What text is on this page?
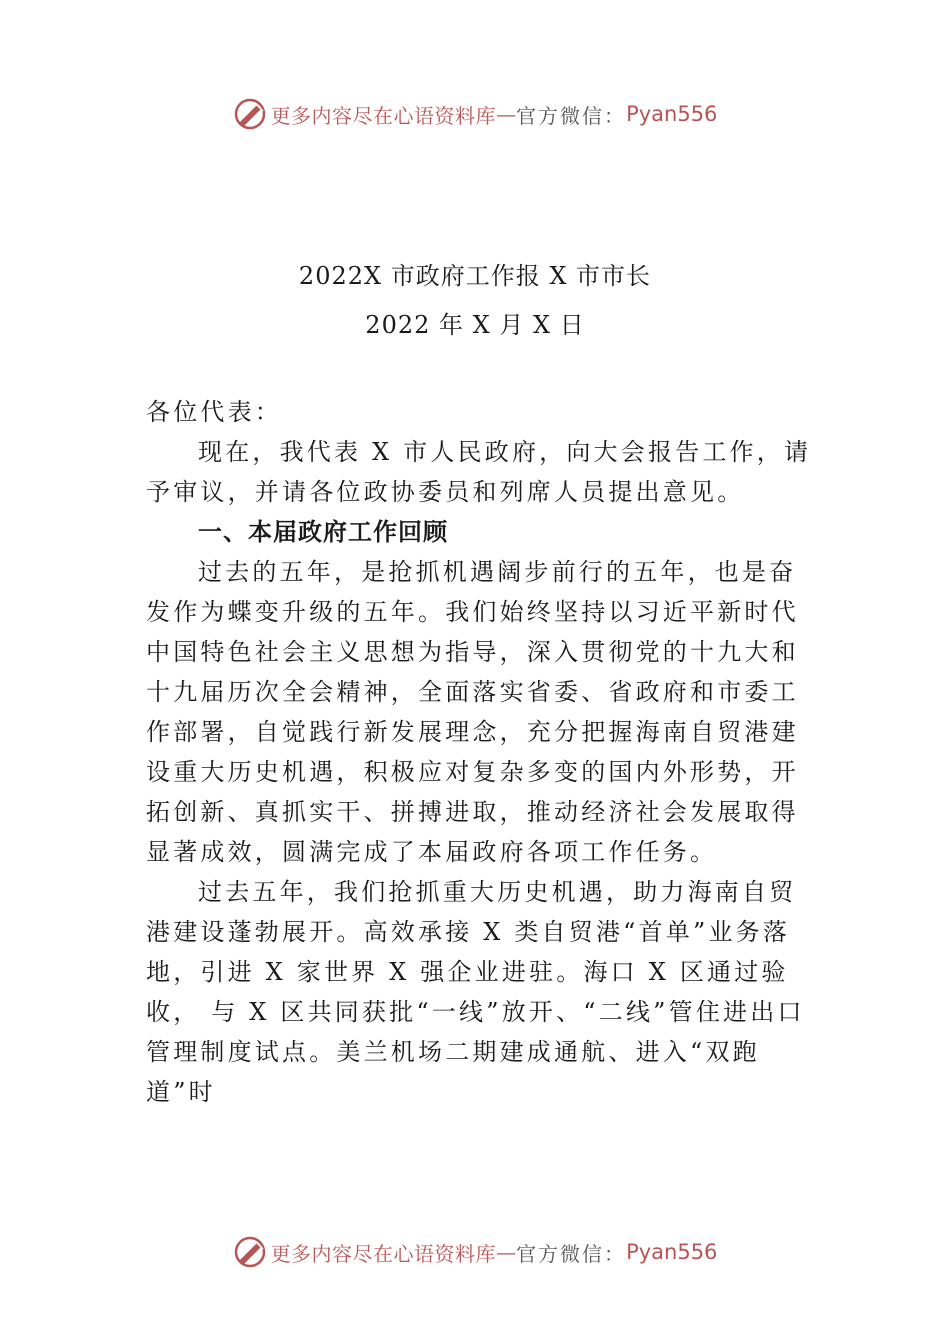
更多内容尽在心语资料库 — 官方微信： Pyan556
2022X 市政府工作报 X 市市长
2022 年 X 月 X 日

各位代表：

现在，我代表 X 市人民政府，向大会报告工作，请予审议，并请各位政协委员和列席人员提出意见。

一、本届政府工作回顾

过去的五年，是抢抓机遇阔步前行的五年，也是奋发作为蝶变升级的五年。我们始终坚持以习近平新时代中国特色社会主义思想为指导，深入贯彻党的十九大和十九届历次全会精神，全面落实省委、省政府和市委工作部署，自觉践行新发展理念，充分把握海南自贸港建设重大历史机遇，积极应对复杂多变的国内外形势，开拓创新、真抓实干、拼搏进取，推动经济社会发展取得显著成效，圆满完成了本届政府各项工作任务。

过去五年，我们抢抓重大历史机遇，助力海南自贸港建设蓬勃展开。高效承接 X 类自贸港“首单”业务落地，引进 X 家世界 X 强企业进驻。海口 X 区通过验收， 与 X 区共同获批“一线”放开、“二线”管住进出口管理制度试点。美兰机场二期建成通航、进入“双跑道”时

更多内容尽在心语资料库 — 官方微信： Pyan556
